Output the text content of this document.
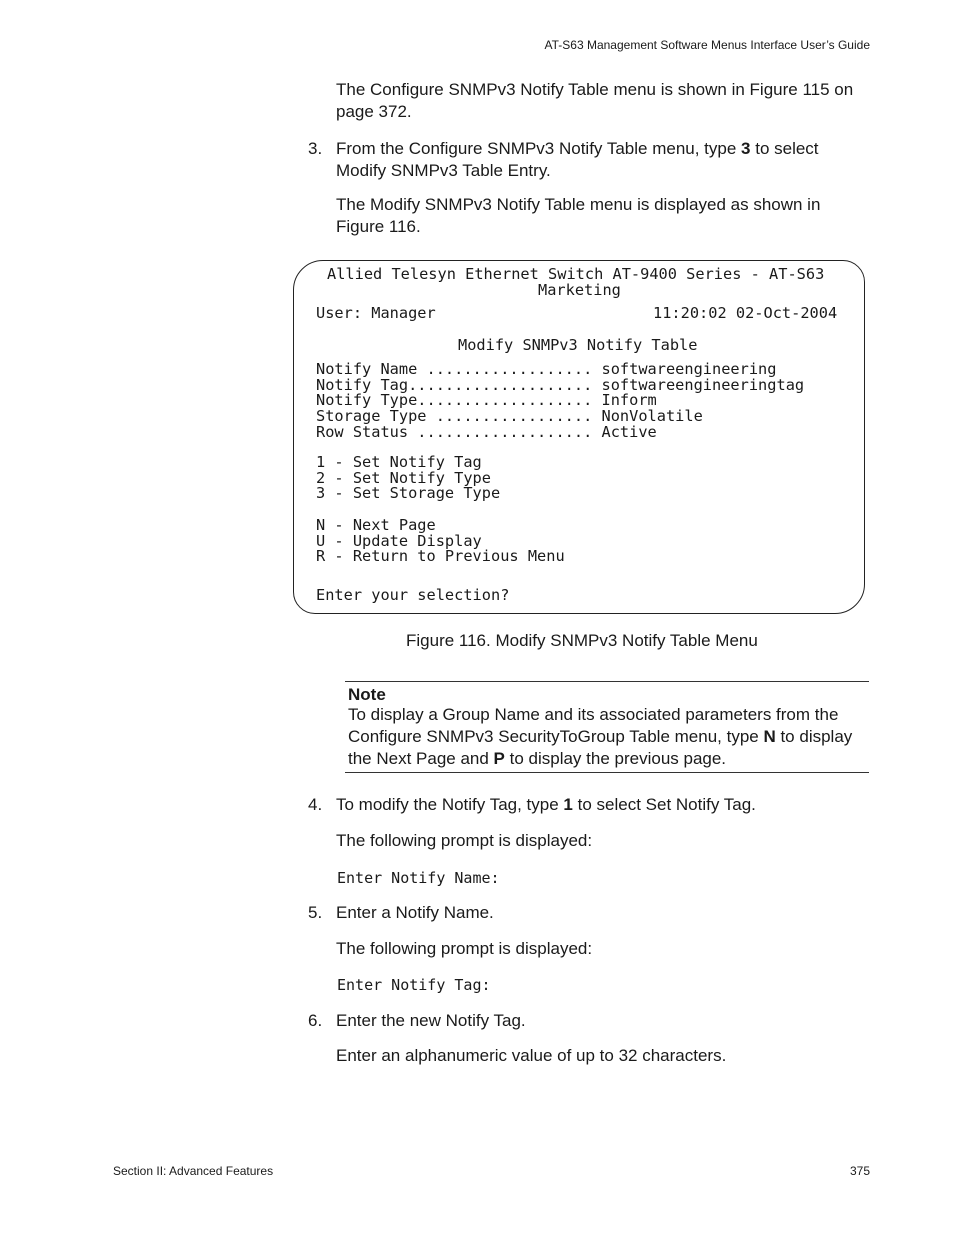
AT-S63 Management Software Menus Interface User’s Guide
The Configure SNMPv3 Notify Table menu is shown in Figure 115 on page 372.
3. From the Configure SNMPv3 Notify Table menu, type 3 to select Modify SNMPv3 Table Entry.
The Modify SNMPv3 Notify Table menu is displayed as shown in Figure 116.
Allied Telesyn Ethernet Switch AT-9400 Series - AT-S63
Marketing
User: Manager	11:20:02 02-Oct-2004
Modify SNMPv3 Notify Table
Notify Name .................. softwareengineering
Notify Tag.................... softwareengineeringtag
Notify Type................... Inform
Storage Type ................. NonVolatile
Row Status ................... Active
1 - Set Notify Tag
2 - Set Notify Type
3 - Set Storage Type
N - Next Page
U - Update Display
R - Return to Previous Menu
Enter your selection?
Figure 116. Modify SNMPv3 Notify Table Menu
Note
To display a Group Name and its associated parameters from the Configure SNMPv3 SecurityToGroup Table menu, type N to display the Next Page and P to display the previous page.
4. To modify the Notify Tag, type 1 to select Set Notify Tag.
The following prompt is displayed:
Enter Notify Name:
5. Enter a Notify Name.
The following prompt is displayed:
Enter Notify Tag:
6. Enter the new Notify Tag.
Enter an alphanumeric value of up to 32 characters.
Section II: Advanced Features	375
